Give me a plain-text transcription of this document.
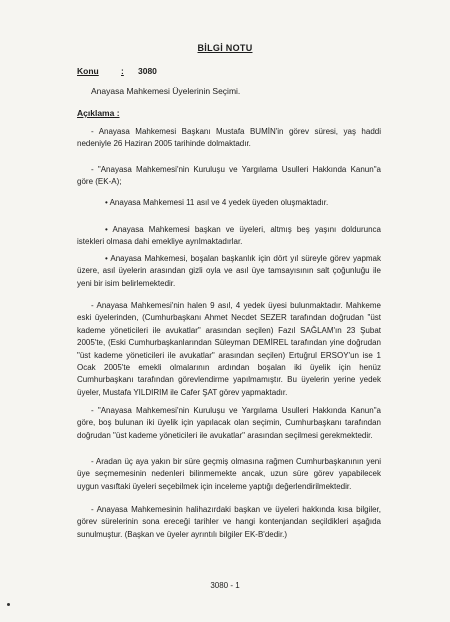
BİLGİ NOTU
Konu	: 3080
Anayasa Mahkemesi Üyelerinin Seçimi.
Açıklama :
- Anayasa Mahkemesi Başkanı Mustafa BUMİN'in görev süresi, yaş haddi nedeniyle 26 Haziran 2005 tarihinde dolmaktadır.
- "Anayasa Mahkemesi'nin Kuruluşu ve Yargılama Usulleri Hakkında Kanun"a göre (EK-A);
• Anayasa Mahkemesi 11 asıl ve 4 yedek üyeden oluşmaktadır.
• Anayasa Mahkemesi başkan ve üyeleri, altmış beş yaşını doldurunca istekleri olmasa dahi emekliye ayrılmaktadırlar.
• Anayasa Mahkemesi, boşalan başkanlık için dört yıl süreyle görev yapmak üzere, asıl üyelerin arasından gizli oyla ve asıl üye tamsayısının salt çoğunluğu ile yeni bir isim belirlemektedir.
- Anayasa Mahkemesi'nin halen 9 asıl, 4 yedek üyesi bulunmaktadır. Mahkeme eski üyelerinden, (Cumhurbaşkanı Ahmet Necdet SEZER tarafından doğrudan "üst kademe yöneticileri ile avukatlar" arasından seçilen) Fazıl SAĞLAM'ın 23 Şubat 2005'te, (Eski Cumhurbaşkanlarından Süleyman DEMİREL tarafından yine doğrudan "üst kademe yöneticileri ile avukatlar" arasından seçilen) Ertuğrul ERSOY'un ise 1 Ocak 2005'te emekli olmalarının ardından boşalan iki üyelik için henüz Cumhurbaşkanı tarafından görevlendirme yapılmamıştır. Bu üyelerin yerine yedek üyeler, Mustafa YILDIRIM ile Cafer ŞAT görev yapmaktadır.
- "Anayasa Mahkemesi'nin Kuruluşu ve Yargılama Usulleri Hakkında Kanun"a göre, boş bulunan iki üyelik için yapılacak olan seçimin, Cumhurbaşkanı tarafından doğrudan "üst kademe yöneticileri ile avukatlar" arasından seçilmesi gerekmektedir.
- Aradan üç aya yakın bir süre geçmiş olmasına rağmen Cumhurbaşkanının yeni üye seçmemesinin nedenleri bilinmemekte ancak, uzun süre görev yapabilecek uygun vasıftaki üyeleri seçebilmek için inceleme yaptığı değerlendirilmektedir.
- Anayasa Mahkemesinin halihazırdaki başkan ve üyeleri hakkında kısa bilgiler, görev sürelerinin sona ereceği tarihler ve hangi kontenjandan seçildikleri aşağıda sunulmuştur. (Başkan ve üyeler ayrıntılı bilgiler EK-B'dedir.)
3080 - 1
